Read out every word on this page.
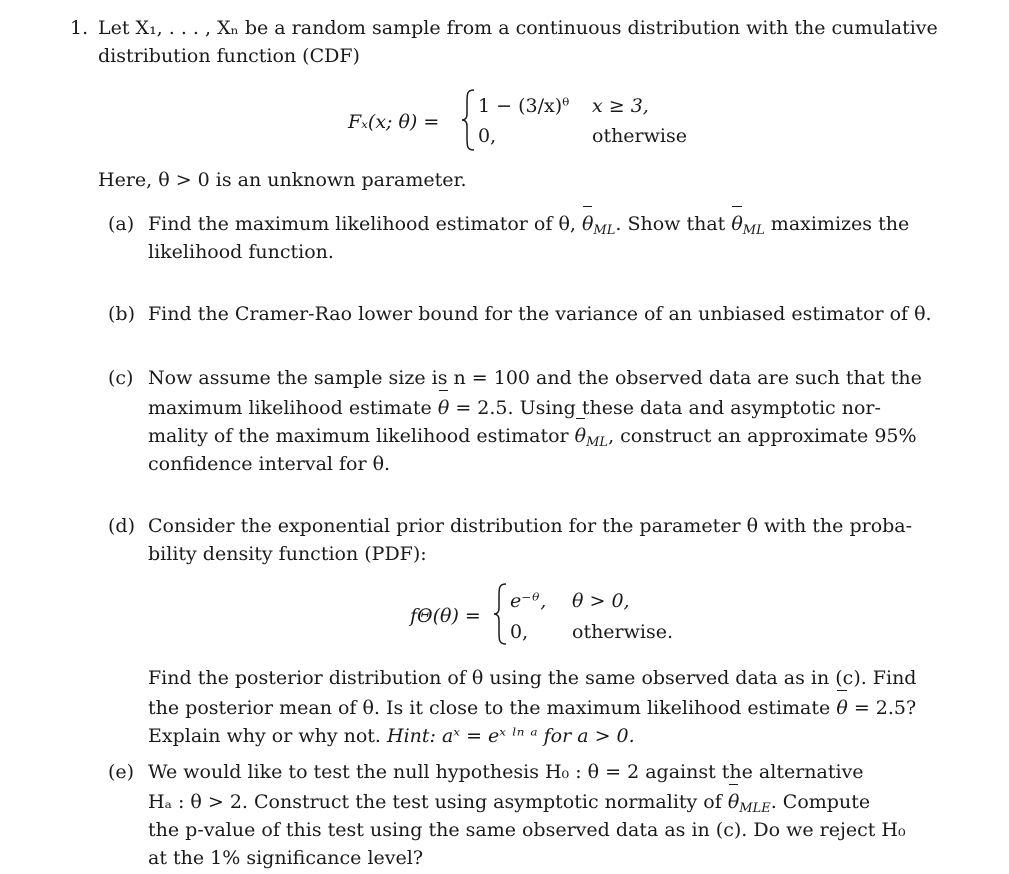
1. Let X₁, . . . , Xₙ be a random sample from a continuous distribution with the cumulative
distribution function (CDF)
Fₓ(x; θ) =
1 − (3/x)ᶿ x ≥ 3,
0,	otherwise
Here, θ > 0 is an unknown parameter.
(a) Find the maximum likelihood estimator of θ, $\theta_{ML}$. Show that $\theta_{ML}$ maximizes the
likelihood function.
(b) Find the Cramer-Rao lower bound for the variance of an unbiased estimator of θ.
(c) Now assume the sample size is n = 100 and the observed data are such that the
maximum likelihood estimate θ = 2.5. Using these data and asymptotic nor-
mality of the maximum likelihood estimator $\theta_{ML}$, construct an approximate 95%
confidence interval for θ.
(d) Consider the exponential prior distribution for the parameter θ with the proba-
bility density function (PDF):
fΘ(θ) =
e⁻ᶿ, θ > 0,
0, otherwise.
Find the posterior distribution of θ using the same observed data as in (c). Find
the posterior mean of θ. Is it close to the maximum likelihood estimate θ = 2.5?
Explain why or why not. Hint: aˣ = eˣ ˡⁿ ᵃ for a > 0.
(e) We would like to test the null hypothesis H₀ : θ = 2 against the alternative
Hₐ : θ > 2. Construct the test using asymptotic normality of $\theta_{MLE}$. Compute
the p-value of this test using the same observed data as in (c). Do we reject H₀
at the 1% significance level?
